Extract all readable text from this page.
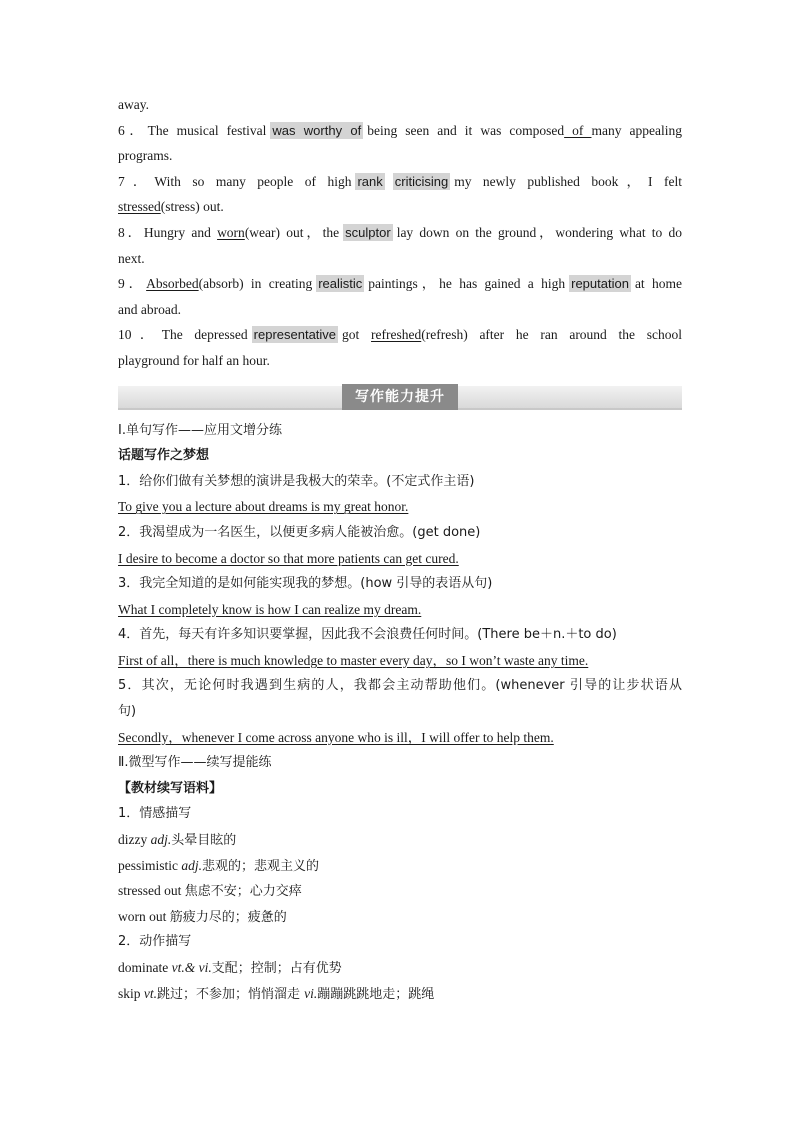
away.
6．The musical festival was worthy of being seen and it was composed of many appealing
programs.
7．With so many people of high rank criticising my newly published book，I felt
stressed(stress) out.
8．Hungry and worn(wear) out，the sculptor lay down on the ground，wondering what to do
next.
9．Absorbed(absorb) in creating realistic paintings，he has gained a high reputation at home
and abroad.
10．The depressed representative got refreshed(refresh) after he ran around the school
playground for half an hour.
写作能力提升
Ⅰ.单句写作——应用文增分练
话题写作之梦想
1．给你们做有关梦想的演讲是我极大的荣幸。(不定式作主语)
To give you a lecture about dreams is my great honor.
2．我渴望成为一名医生，以便更多病人能被治愈。(get done)
I desire to become a doctor so that more patients can get cured.
3．我完全知道的是如何能实现我的梦想。(how 引导的表语从句)
What I completely know is how I can realize my dream.
4．首先，每天有许多知识要掌握，因此我不会浪费任何时间。(There be＋n.＋to do)
First of all，there is much knowledge to master every day，so I won’t waste any time.
5．其次，无论何时我遇到生病的人，我都会主动帮助他们。(whenever 引导的让步状语从
句)
Secondly，whenever I come across anyone who is ill，I will offer to help them.
Ⅱ.微型写作——续写提能练
【教材续写语料】
1．情感描写
dizzy adj.头晕目眩的
pessimistic adj.悲观的；悲观主义的
stressed out 焦虑不安；心力交瘁
worn out 筋疲力尽的；疲惫的
2．动作描写
dominate vt.& vi.支配；控制；占有优势
skip vt.跳过；不参加；悄悄溜走 vi.蹦蹦跳跳地走；跳绳
